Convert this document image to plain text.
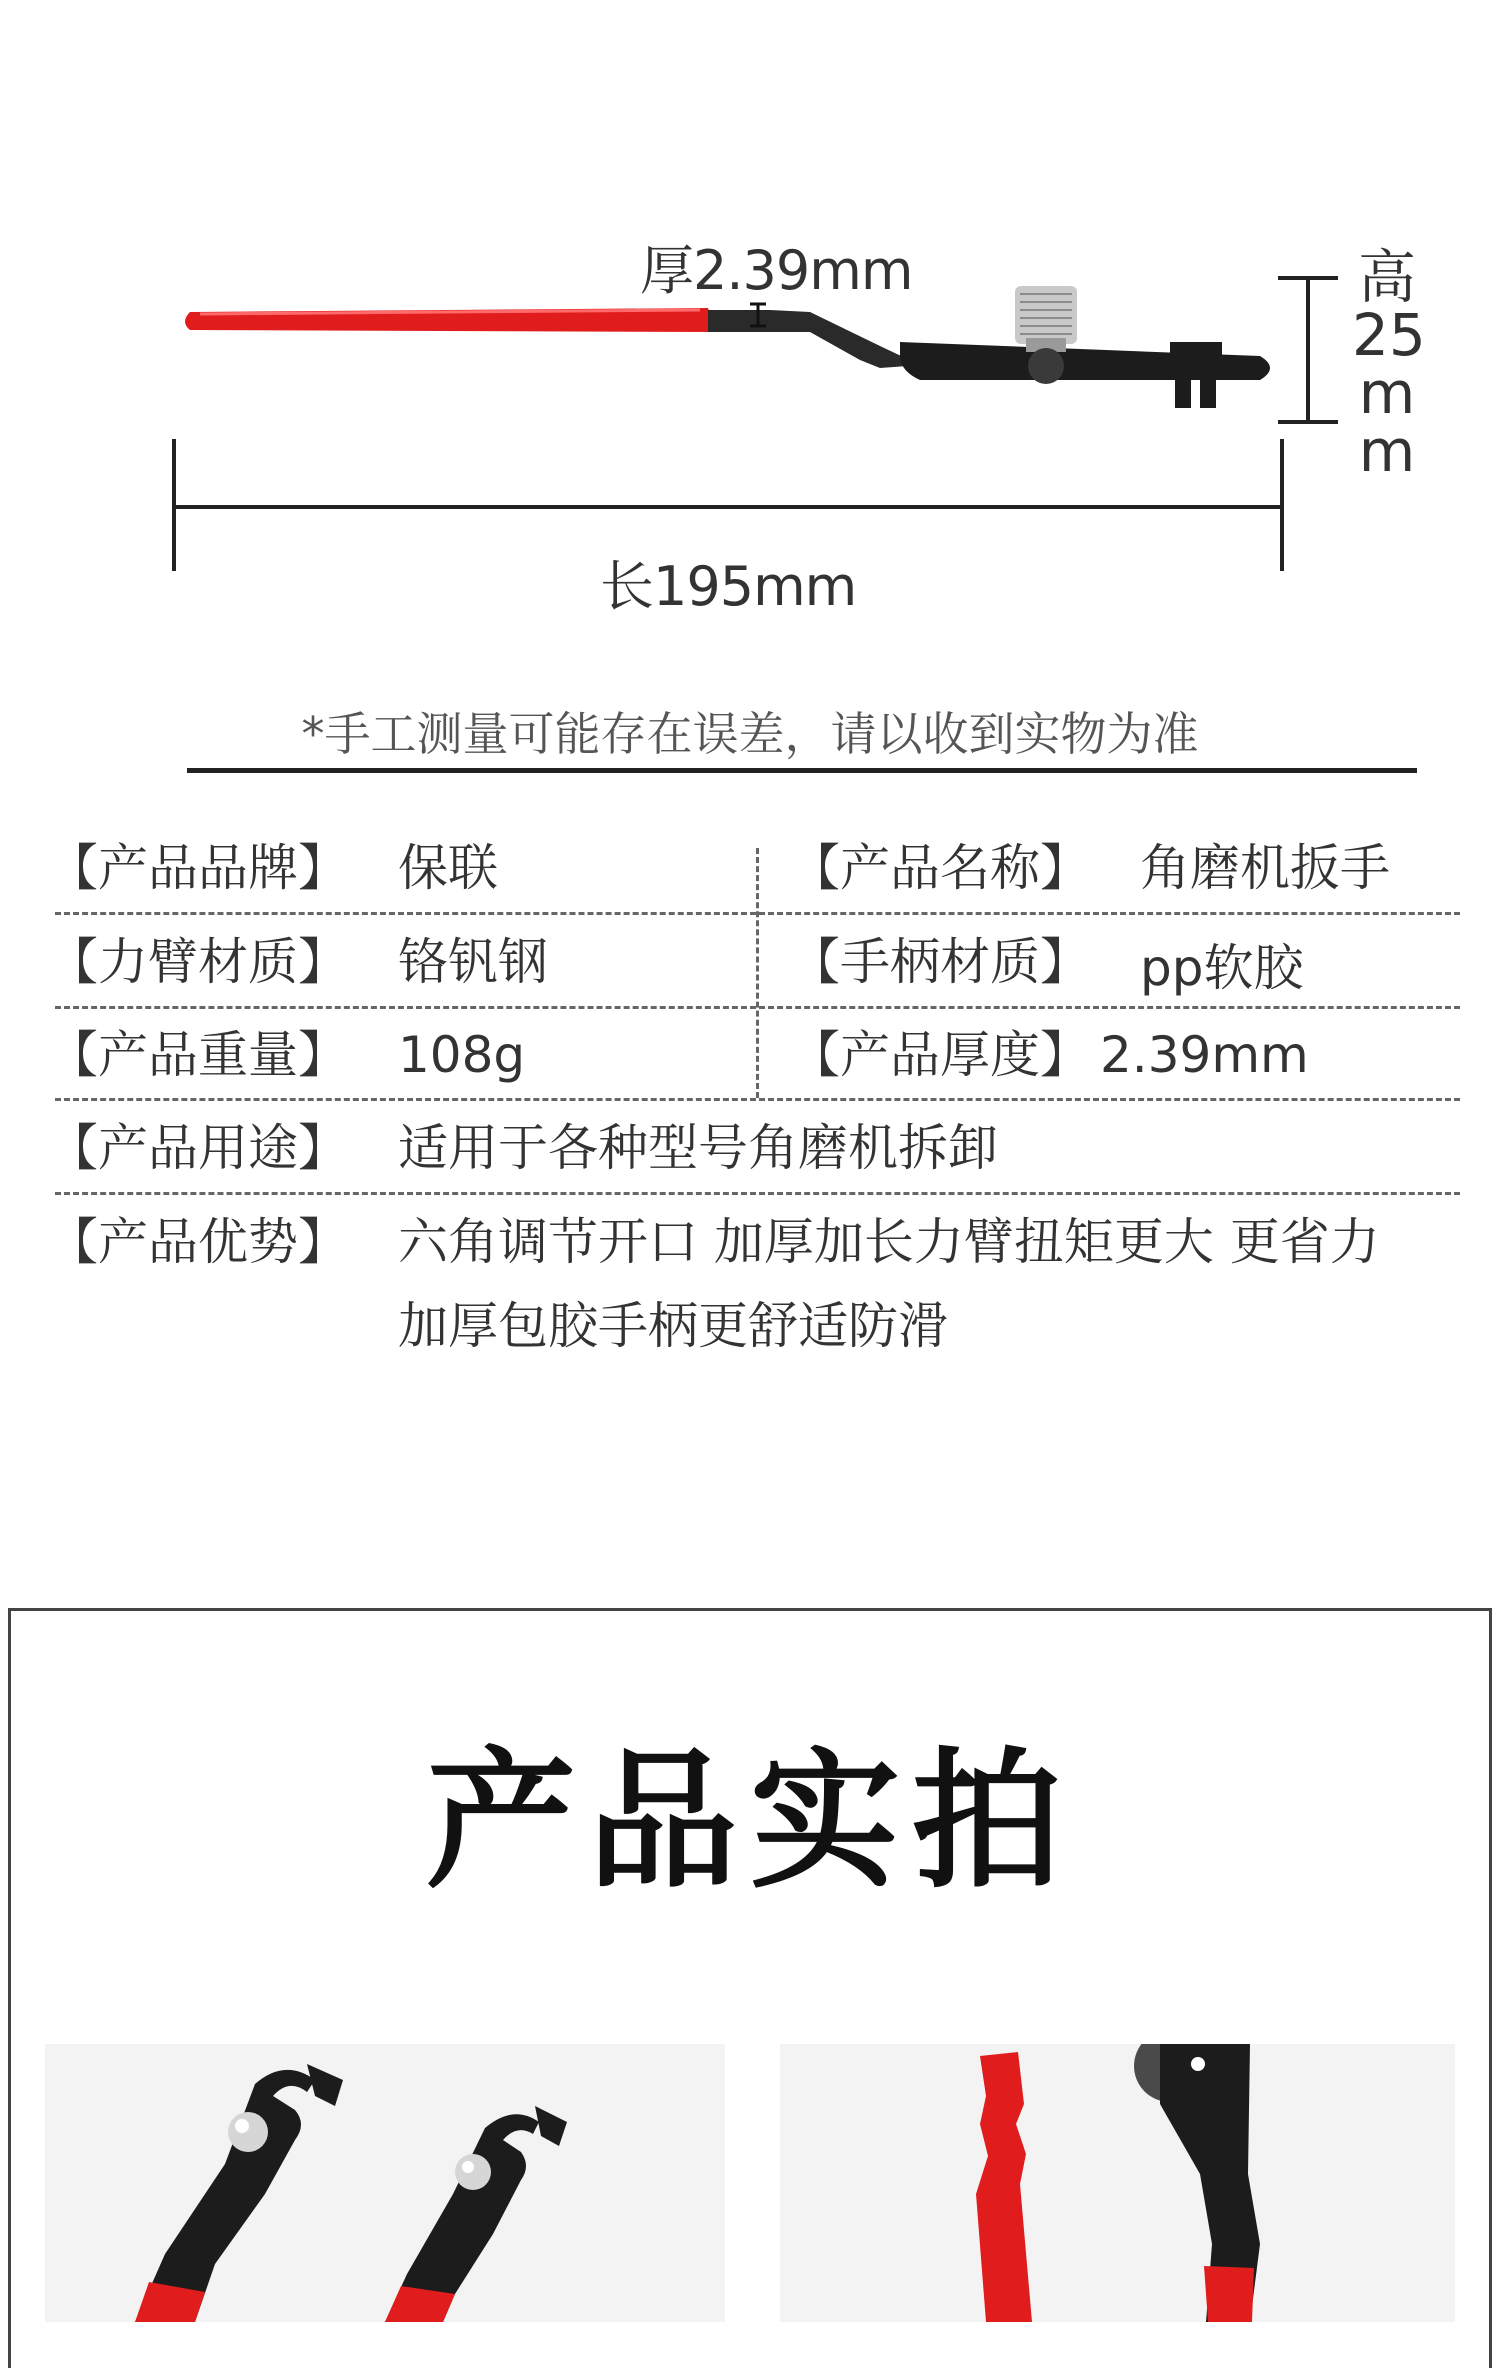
厚2.39mm	高
25
m
m
长195mm
*手工测量可能存在误差，请以收到实物为准
【产品品牌】 保联	【产品名称】 角磨机扳手
【力臂材质】 铬钒钢	【手柄材质】 pp软胶
【产品重量】 108g	【产品厚度】 2.39mm
【产品用途】 适用于各种型号角磨机拆卸
【产品优势】 六角调节开口 加厚加长力臂扭矩更大 更省力
加厚包胶手柄更舒适防滑
产品实拍
